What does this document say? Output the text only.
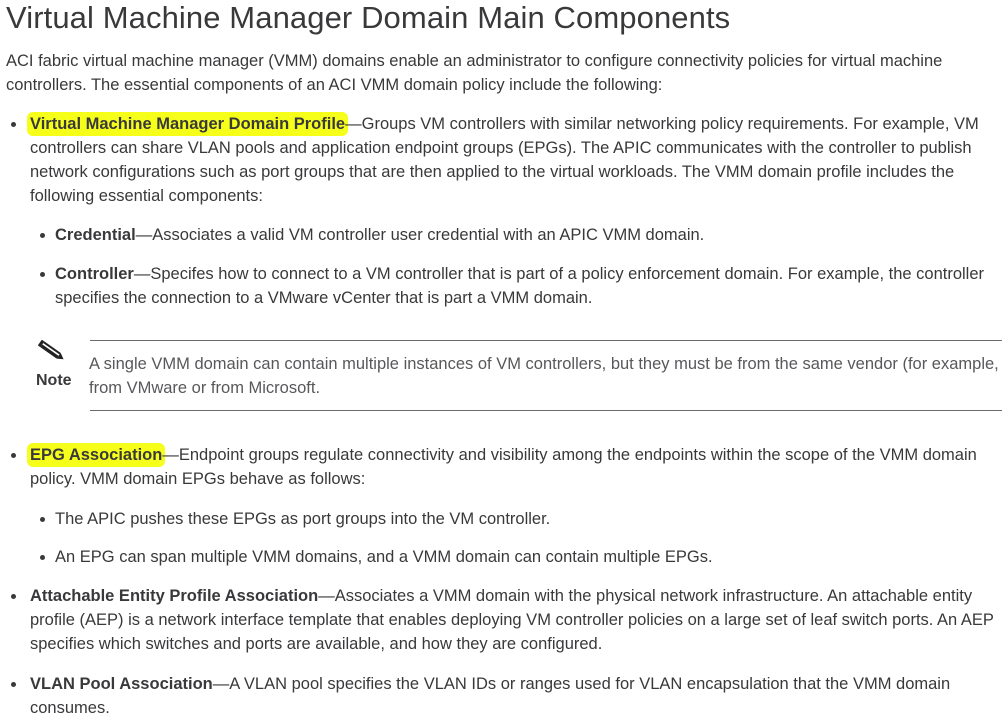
Virtual Machine Manager Domain Main Components

ACI fabric virtual machine manager (VMM) domains enable an administrator to configure connectivity policies for virtual machine controllers. The essential components of an ACI VMM domain policy include the following:

Virtual Machine Manager Domain Profile—Groups VM controllers with similar networking policy requirements. For example, VM controllers can share VLAN pools and application endpoint groups (EPGs). The APIC communicates with the controller to publish network configurations such as port groups that are then applied to the virtual workloads. The VMM domain profile includes the following essential components:
Credential—Associates a valid VM controller user credential with an APIC VMM domain.
Controller—Specifes how to connect to a VM controller that is part of a policy enforcement domain. For example, the controller specifies the connection to a VMware vCenter that is part a VMM domain.
Note
A single VMM domain can contain multiple instances of VM controllers, but they must be from the same vendor (for example, from VMware or from Microsoft.
EPG Association—Endpoint groups regulate connectivity and visibility among the endpoints within the scope of the VMM domain policy. VMM domain EPGs behave as follows:
The APIC pushes these EPGs as port groups into the VM controller.
An EPG can span multiple VMM domains, and a VMM domain can contain multiple EPGs.
Attachable Entity Profile Association—Associates a VMM domain with the physical network infrastructure. An attachable entity profile (AEP) is a network interface template that enables deploying VM controller policies on a large set of leaf switch ports. An AEP specifies which switches and ports are available, and how they are configured.
VLAN Pool Association—A VLAN pool specifies the VLAN IDs or ranges used for VLAN encapsulation that the VMM domain consumes.
